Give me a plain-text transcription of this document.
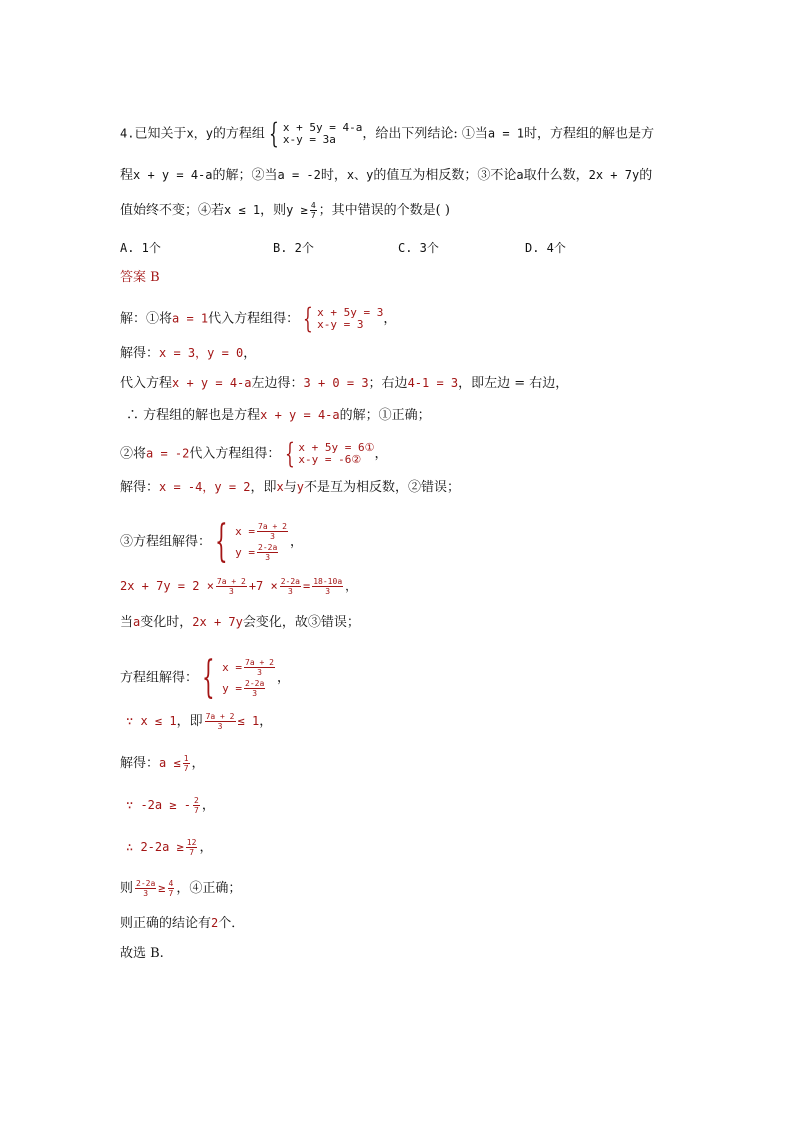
4.已知关于x，y的方程组 { x + 5y = 4-a
x-y = 3a	，给出下列结论: ①当a = 1时，方程组的解也是方
程x + y = 4-a的解；②当a = -2时，x、y的值互为相反数；③不论a取什么数，2x + 7y的
值始终不变；④若x ≤ 1，则$y \ge \frac{4}{7}$ ；其中错误的个数是( )
A. 1个	B. 2个	C. 3个	D. 4个
答案 B
解：①将a = 1代入方程组得： { x + 5y = 3
x-y = 3	，
解得：x = 3，y = 0，
代入方程x + y = 4-a左边得：3 + 0 = 3；右边4-1 = 3，即左边 = 右边，
∴ 方程组的解也是方程x + y = 4-a的解；①正确；
②将a = -2代入方程组得： { x + 5y = 6①
x-y = -6②	，
解得：x = -4，y = 2，即x与y不是互为相反数，②错误；
③方程组解得： { $x = \frac{7a + 2}{3}$
$y = \frac{2-2a}{3}$
，
$2x + 7y = 2 \times \frac{7a + 2}{3} +7 \times \frac{2-2a}{3} = \frac{18-10a}{3}$ ，
当a变化时，2x + 7y会变化，故③错误；
方程组解得： { $x = \frac{7a + 2}{3}$
$y = \frac{2-2a}{3}$
，
∵ x ≤ 1，即 $\frac{7a + 2}{3} \le 1$，
解得：$a \le \frac{1}{7}$ ，
∵ -2a ≥ - $\frac{2}{7}$ ，
∴ $2-2a \ge \frac{12}{7}$ ，
则 $\frac{2-2a}{3} \ge \frac{4}{7}$ ，④正确；
则正确的结论有2个．
故选 B.
